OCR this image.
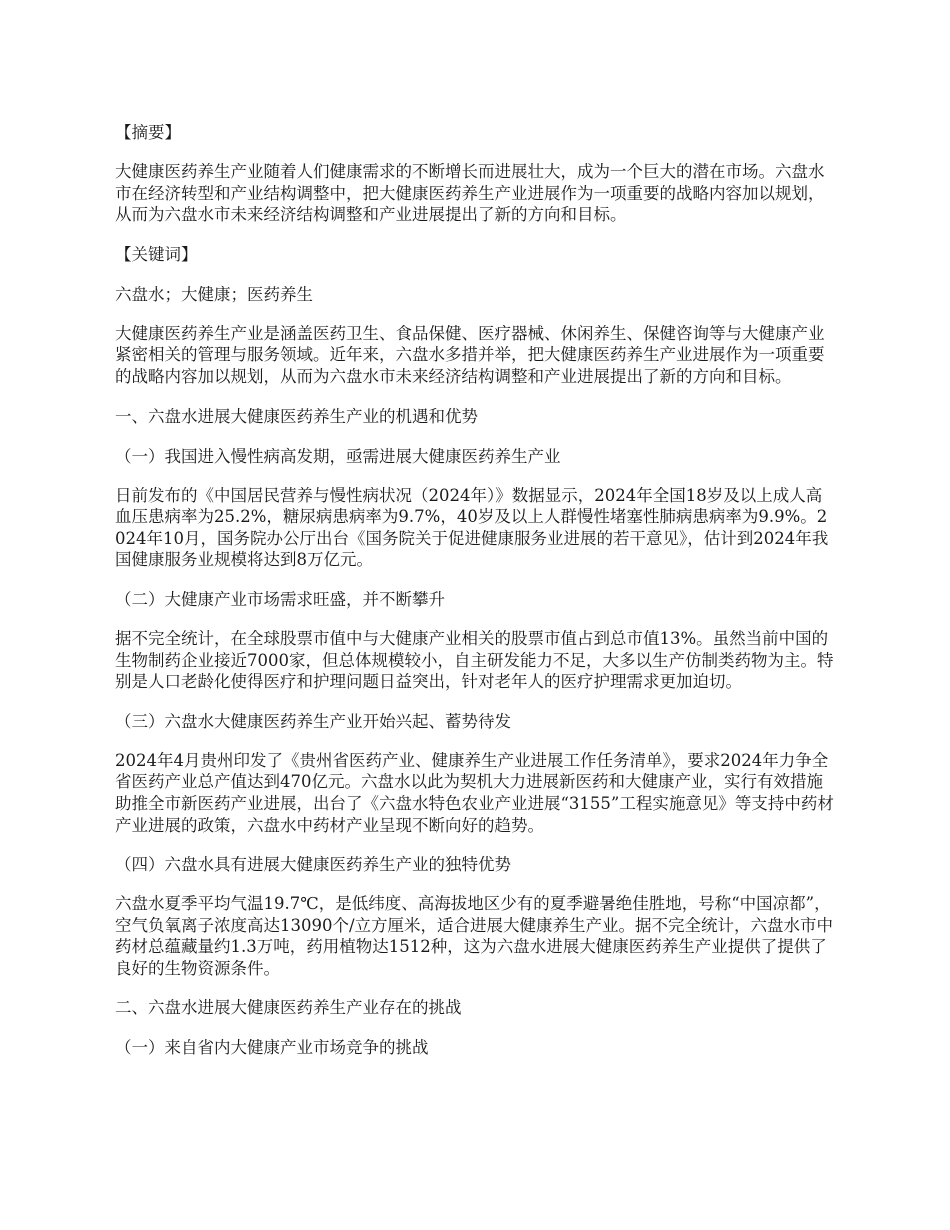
【摘要】

大健康医药养生产业随着人们健康需求的不断增长而进展壮大，成为一个巨大的潜在市场。六盘水市在经济转型和产业结构调整中，把大健康医药养生产业进展作为一项重要的战略内容加以规划，从而为六盘水市未来经济结构调整和产业进展提出了新的方向和目标。

【关键词】

六盘水；大健康；医药养生

大健康医药养生产业是涵盖医药卫生、食品保健、医疗器械、休闲养生、保健咨询等与大健康产业紧密相关的管理与服务领域。近年来，六盘水多措并举，把大健康医药养生产业进展作为一项重要的战略内容加以规划，从而为六盘水市未来经济结构调整和产业进展提出了新的方向和目标。

一、六盘水进展大健康医药养生产业的机遇和优势

（一）我国进入慢性病高发期，亟需进展大健康医药养生产业

日前发布的《中国居民营养与慢性病状况（2024年）》数据显示，2024年全国18岁及以上成人高血压患病率为25.2%，糖尿病患病率为9.7%，40岁及以上人群慢性堵塞性肺病患病率为9.9%。2024年10月，国务院办公厅出台《国务院关于促进健康服务业进展的若干意见》，估计到2024年我国健康服务业规模将达到8万亿元。

（二）大健康产业市场需求旺盛，并不断攀升

据不完全统计，在全球股票市值中与大健康产业相关的股票市值占到总市值13%。虽然当前中国的生物制药企业接近7000家，但总体规模较小，自主研发能力不足，大多以生产仿制类药物为主。特别是人口老龄化使得医疗和护理问题日益突出，针对老年人的医疗护理需求更加迫切。

（三）六盘水大健康医药养生产业开始兴起、蓄势待发

2024年4月贵州印发了《贵州省医药产业、健康养生产业进展工作任务清单》，要求2024年力争全省医药产业总产值达到470亿元。六盘水以此为契机大力进展新医药和大健康产业，实行有效措施助推全市新医药产业进展，出台了《六盘水特色农业产业进展“3155”工程实施意见》等支持中药材产业进展的政策，六盘水中药材产业呈现不断向好的趋势。

（四）六盘水具有进展大健康医药养生产业的独特优势

六盘水夏季平均气温19.7℃，是低纬度、高海拔地区少有的夏季避暑绝佳胜地，号称“中国凉都”，空气负氧离子浓度高达13090个/立方厘米，适合进展大健康养生产业。据不完全统计，六盘水市中药材总蕴藏量约1.3万吨，药用植物达1512种，这为六盘水进展大健康医药养生产业提供了提供了良好的生物资源条件。

二、六盘水进展大健康医药养生产业存在的挑战

（一）来自省内大健康产业市场竞争的挑战
